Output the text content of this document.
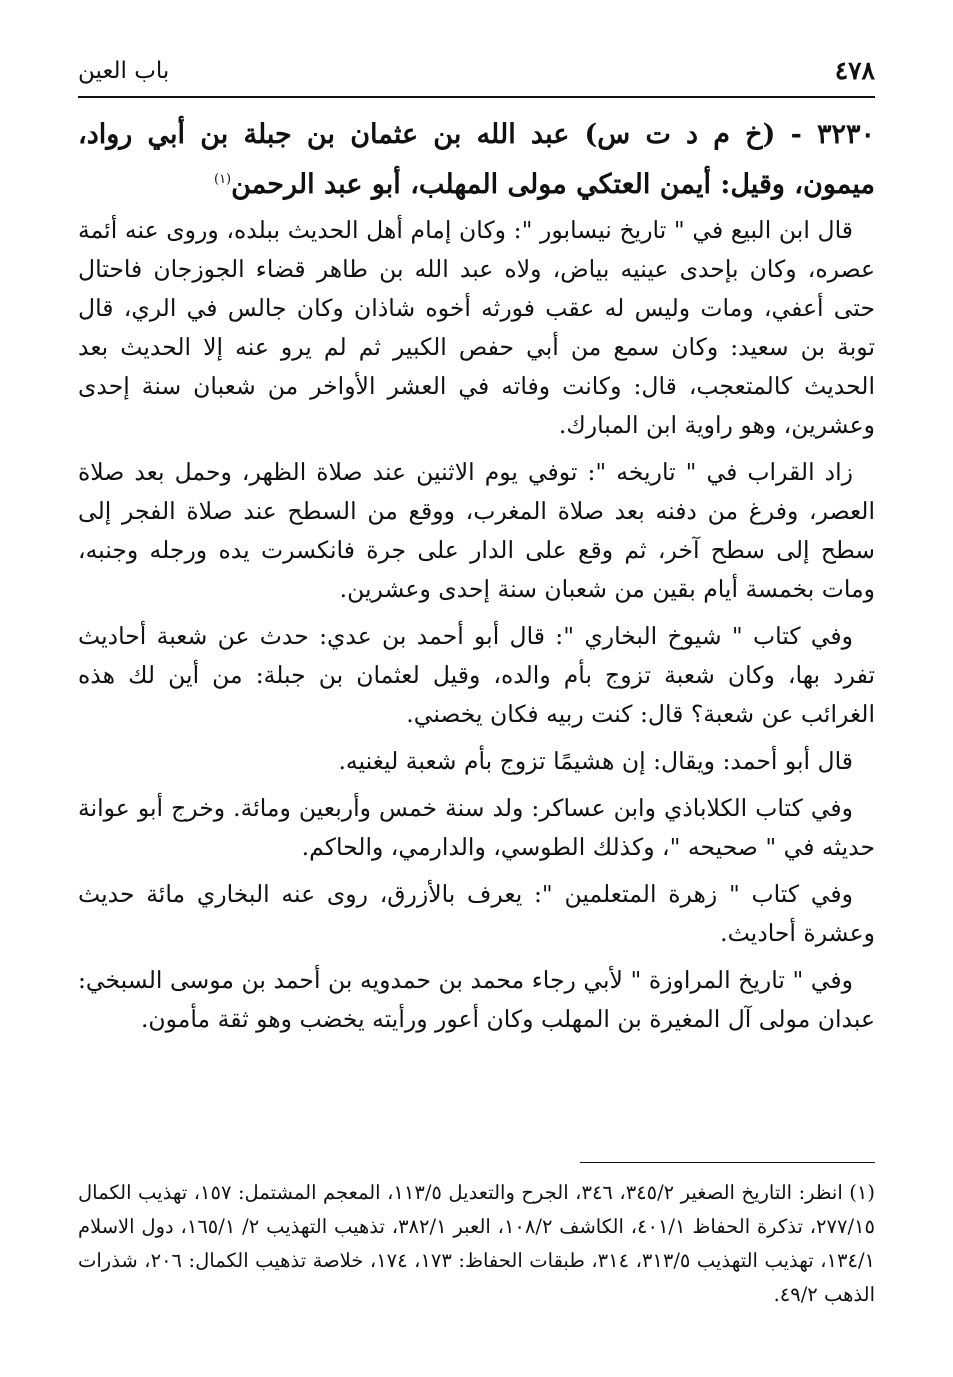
٤٧٨
باب العين
٣٢٣٠ - (خ م د ت س) عبد الله بن عثمان بن جبلة بن أبي رواد، ميمون، وقيل: أيمن العتكي مولى المهلب، أبو عبد الرحمن$^{(١)}$

قال ابن البيع في " تاريخ نيسابور ": وكان إمام أهل الحديث ببلده، وروى عنه أئمة عصره، وكان بإحدى عينيه بياض، ولاه عبد الله بن طاهر قضاء الجوزجان فاحتال حتى أعفي، ومات وليس له عقب فورثه أخوه شاذان وكان جالس في الري، قال توبة بن سعيد: وكان سمع من أبي حفص الكبير ثم لم يرو عنه إلا الحديث بعد الحديث كالمتعجب، قال: وكانت وفاته في العشر الأواخر من شعبان سنة إحدى وعشرين، وهو راوية ابن المبارك.

زاد القراب في " تاريخه ": توفي يوم الاثنين عند صلاة الظهر، وحمل بعد صلاة العصر، وفرغ من دفنه بعد صلاة المغرب، ووقع من السطح عند صلاة الفجر إلى سطح إلى سطح آخر، ثم وقع على الدار على جرة فانكسرت يده ورجله وجنبه، ومات بخمسة أيام بقين من شعبان سنة إحدى وعشرين.

وفي كتاب " شيوخ البخاري ": قال أبو أحمد بن عدي: حدث عن شعبة أحاديث تفرد بها، وكان شعبة تزوج بأم والده، وقيل لعثمان بن جبلة: من أين لك هذه الغرائب عن شعبة؟ قال: كنت ربيه فكان يخصني.

قال أبو أحمد: ويقال: إن هشيمًا تزوج بأم شعبة ليغنيه.

وفي كتاب الكلاباذي وابن عساكر: ولد سنة خمس وأربعين ومائة. وخرج أبو عوانة حديثه في " صحيحه "، وكذلك الطوسي، والدارمي، والحاكم.

وفي كتاب " زهرة المتعلمين ": يعرف بالأزرق، روى عنه البخاري مائة حديث وعشرة أحاديث.

وفي " تاريخ المراوزة " لأبي رجاء محمد بن حمدويه بن أحمد بن موسى السبخي: عبدان مولى آل المغيرة بن المهلب وكان أعور ورأيته يخضب وهو ثقة مأمون.

(١) انظر: التاريخ الصغير ٣٤٥/٢، ٣٤٦، الجرح والتعديل ١١٣/٥، المعجم المشتمل: ١٥٧، تهذيب الكمال ٢٧٧/١٥، تذكرة الحفاظ ٤٠١/١، الكاشف ١٠٨/٢، العبر ٣٨٢/١، تذهيب التهذيب ٢/ ١٦٥/١، دول الاسلام ١٣٤/١، تهذيب التهذيب ٣١٣/٥، ٣١٤، طبقات الحفاظ: ١٧٣، ١٧٤، خلاصة تذهيب الكمال: ٢٠٦، شذرات الذهب ٤٩/٢.
